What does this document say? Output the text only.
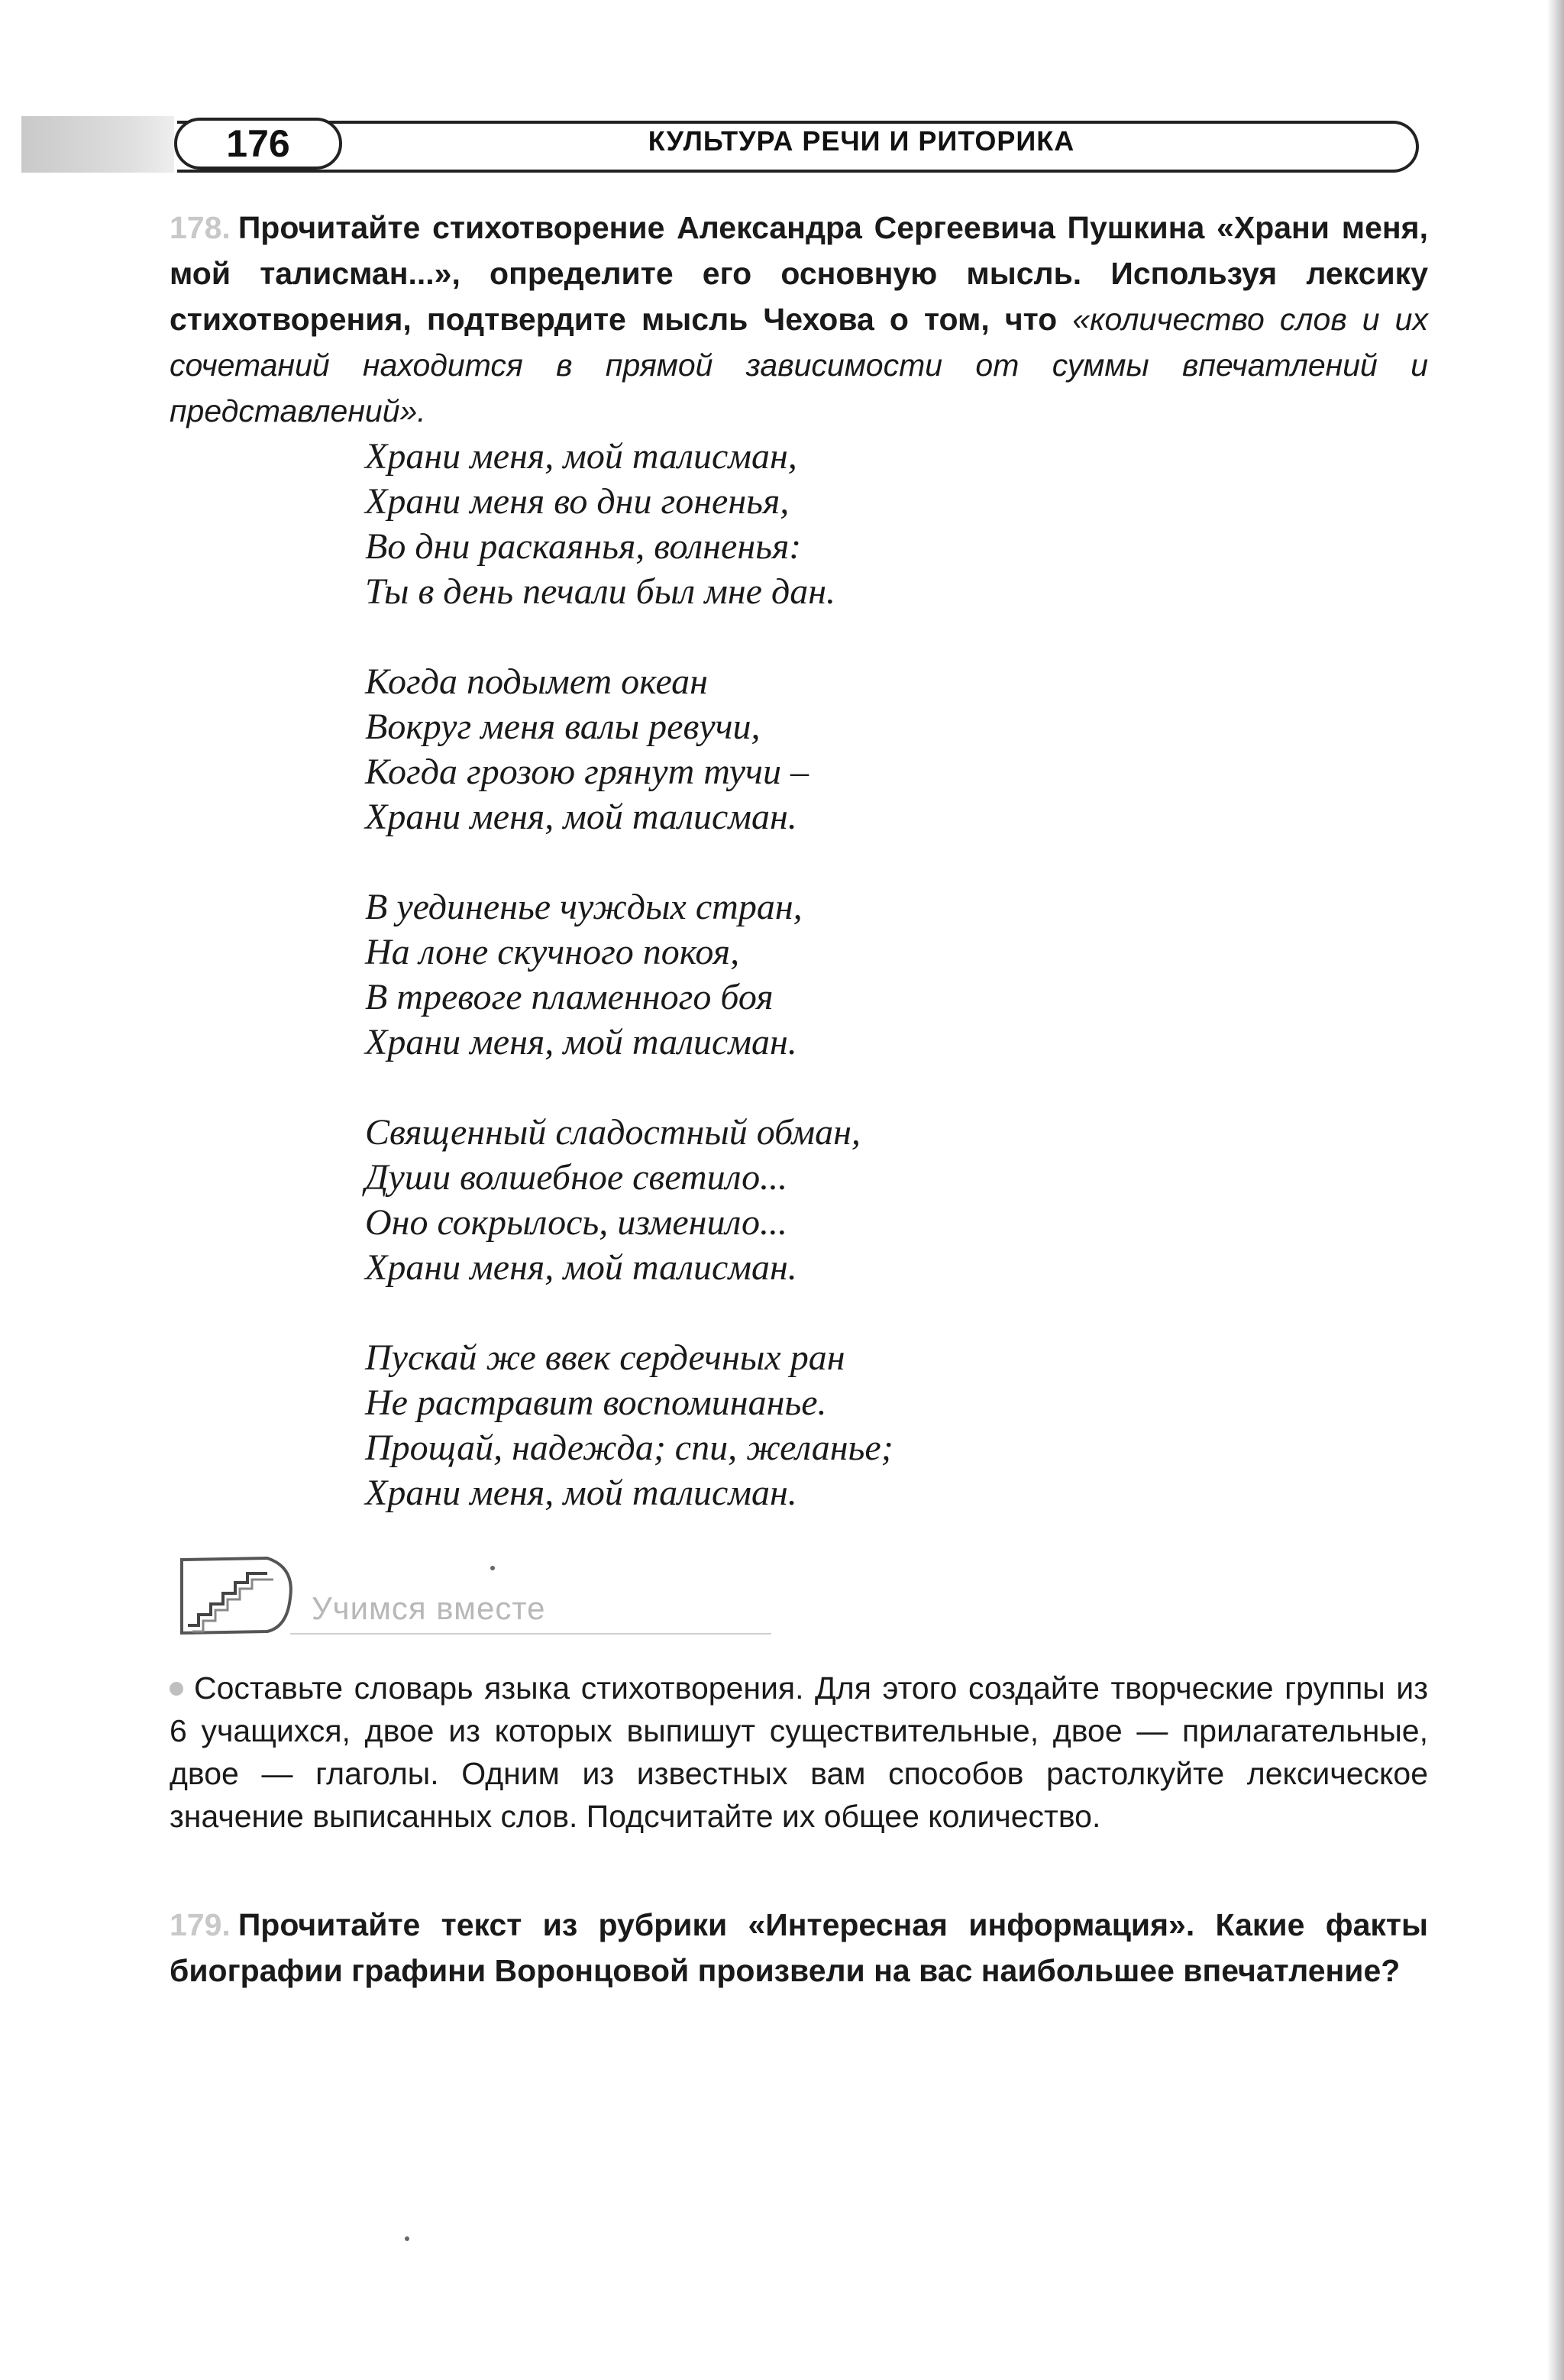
176	КУЛЬТУРА РЕЧИ И РИТОРИКА
178. Прочитайте стихотворение Александра Сергеевича Пушкина «Храни меня, мой талисман...», определите его основную мысль. Используя лексику стихотворения, подтвердите мысль Чехова о том, что «количество слов и их сочетаний находится в прямой зависимости от суммы впечатлений и представлений».
Храни меня, мой талисман,
Храни меня во дни гоненья,
Во дни раскаянья, волненья:
Ты в день печали был мне дан.
Когда подымет океан
Вокруг меня валы ревучи,
Когда грозою грянут тучи –
Храни меня, мой талисман.
В уединенье чуждых стран,
На лоне скучного покоя,
В тревоге пламенного боя
Храни меня, мой талисман.
Священный сладостный обман,
Души волшебное светило...
Оно сокрылось, изменило...
Храни меня, мой талисман.
Пускай же ввек сердечных ран
Не растравит воспоминанье.
Прощай, надежда; спи, желанье;
Храни меня, мой талисман.
Учимся вместе
Составьте словарь языка стихотворения. Для этого создайте творческие группы из 6 учащихся, двое из которых выпишут существительные, двое — прилагательные, двое — глаголы. Одним из известных вам способов растолкуйте лексическое значение выписанных слов. Подсчитайте их общее количество.
179. Прочитайте текст из рубрики «Интересная информация». Какие факты биографии графини Воронцовой произвели на вас наибольшее впечатление?
